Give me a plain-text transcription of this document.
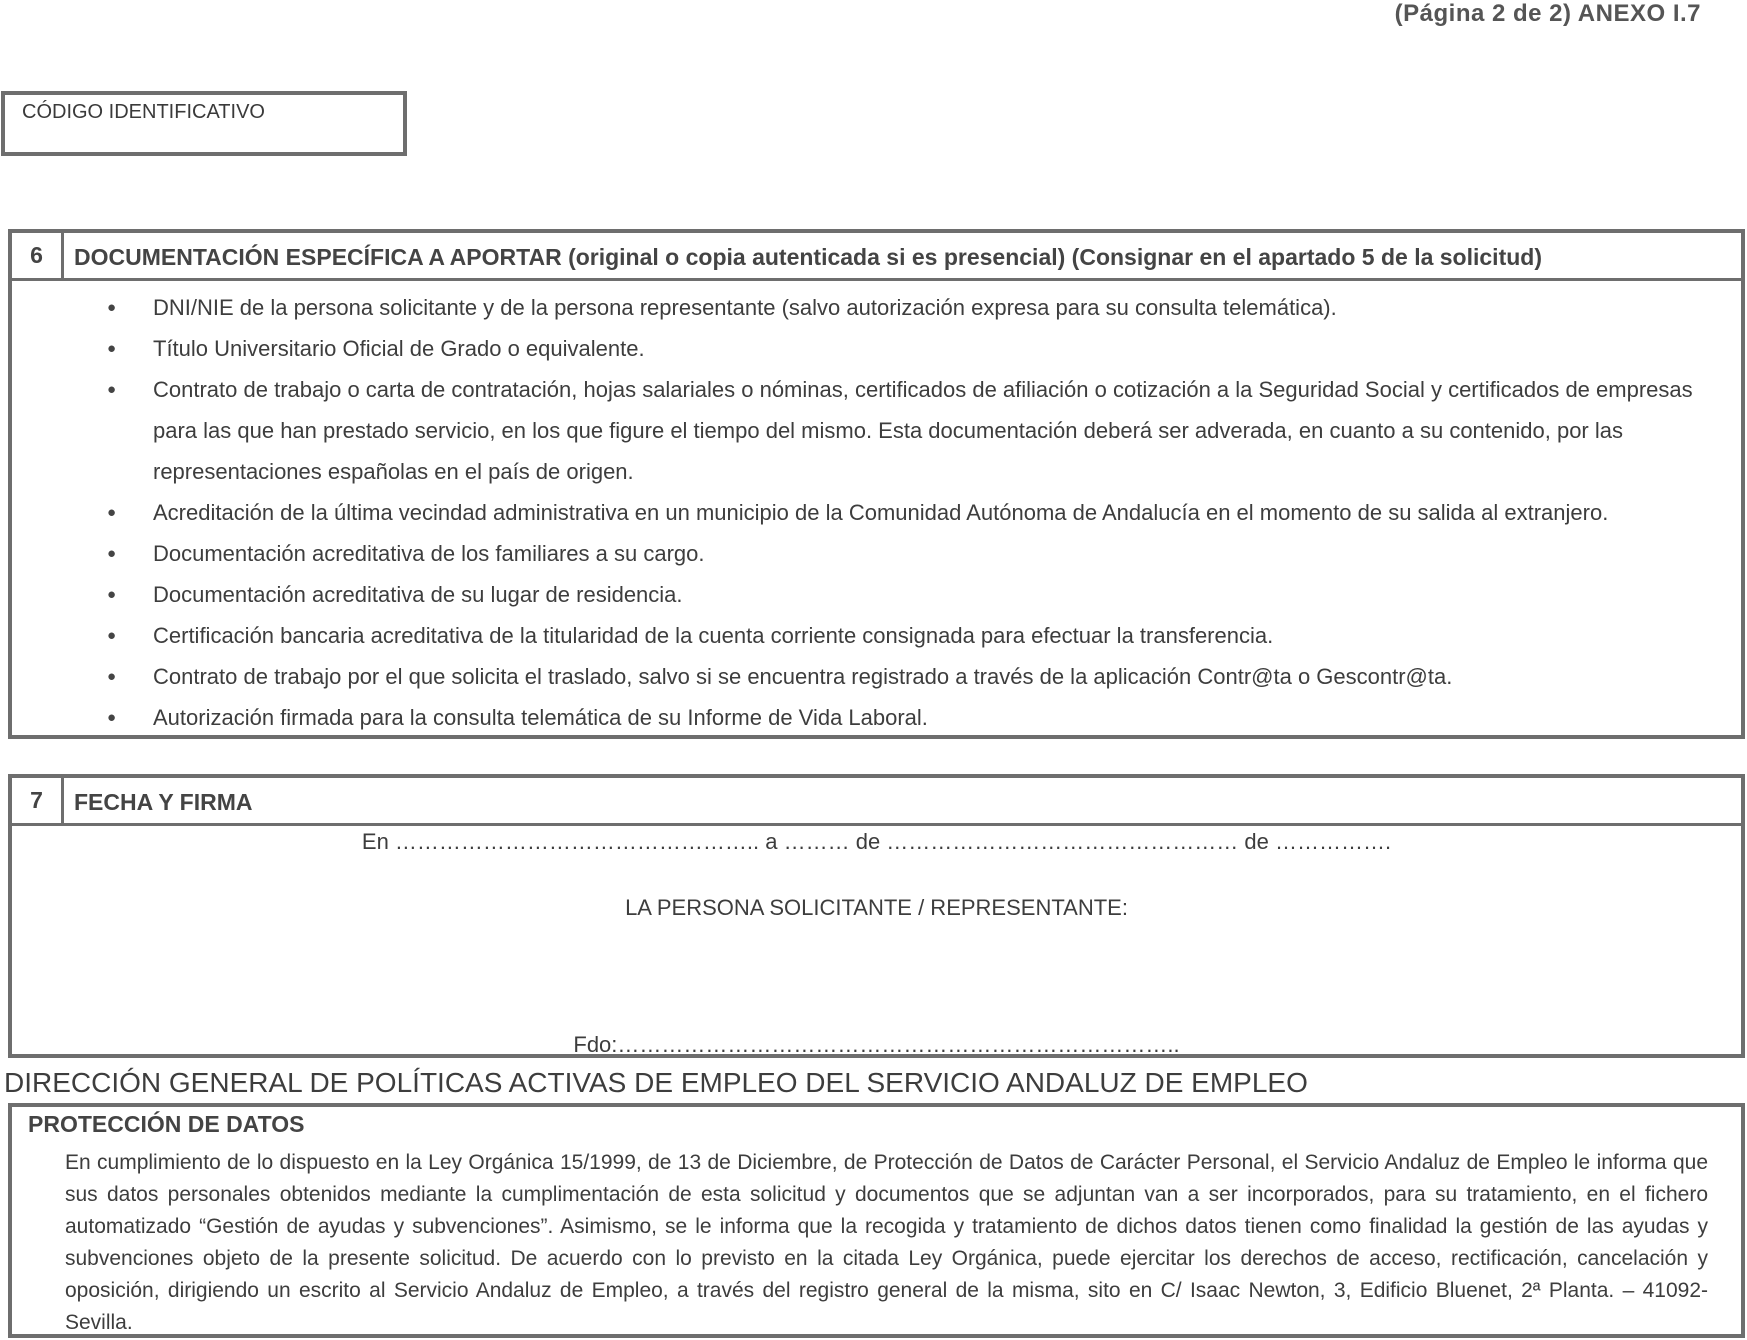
(Página 2 de 2) ANEXO I.7
CÓDIGO IDENTIFICATIVO
6	DOCUMENTACIÓN ESPECÍFICA A APORTAR (original o copia autenticada si es presencial) (Consignar en el apartado 5 de la solicitud)
● DNI/NIE de la persona solicitante y de la persona representante (salvo autorización expresa para su consulta telemática).
● Título Universitario Oficial de Grado o equivalente.
● Contrato de trabajo o carta de contratación, hojas salariales o nóminas, certificados de afiliación o cotización a la Seguridad Social y certificados de empresas para las que han prestado servicio, en los que figure el tiempo del mismo. Esta documentación deberá ser adverada, en cuanto a su contenido, por las representaciones españolas en el país de origen.
● Acreditación de la última vecindad administrativa en un municipio de la Comunidad Autónoma de Andalucía en el momento de su salida al extranjero.
● Documentación acreditativa de los familiares a su cargo.
● Documentación acreditativa de su lugar de residencia.
● Certificación bancaria acreditativa de la titularidad de la cuenta corriente consignada para efectuar la transferencia.
● Contrato de trabajo por el que solicita el traslado, salvo si se encuentra registrado a través de la aplicación Contr@ta o Gescontr@ta.
● Autorización firmada para la consulta telemática de su Informe de Vida Laboral.
7	FECHA Y FIRMA
En ………………………………………….. a ……… de ………………………………………… de …………….
LA PERSONA SOLICITANTE / REPRESENTANTE:
Fdo:…………………………………………………………………..
DIRECCIÓN GENERAL DE POLÍTICAS ACTIVAS DE EMPLEO DEL SERVICIO ANDALUZ DE EMPLEO
PROTECCIÓN DE DATOS

En cumplimiento de lo dispuesto en la Ley Orgánica 15/1999, de 13 de Diciembre, de Protección de Datos de Carácter Personal, el Servicio Andaluz de Empleo le informa que sus datos personales obtenidos mediante la cumplimentación de esta solicitud y documentos que se adjuntan van a ser incorporados, para su tratamiento, en el fichero automatizado “Gestión de ayudas y subvenciones”. Asimismo, se le informa que la recogida y tratamiento de dichos datos tienen como finalidad la gestión de las ayudas y subvenciones objeto de la presente solicitud. De acuerdo con lo previsto en la citada Ley Orgánica, puede ejercitar los derechos de acceso, rectificación, cancelación y oposición, dirigiendo un escrito al Servicio Andaluz de Empleo, a través del registro general de la misma, sito en C/ Isaac Newton, 3, Edificio Bluenet, 2ª Planta. – 41092- Sevilla.
